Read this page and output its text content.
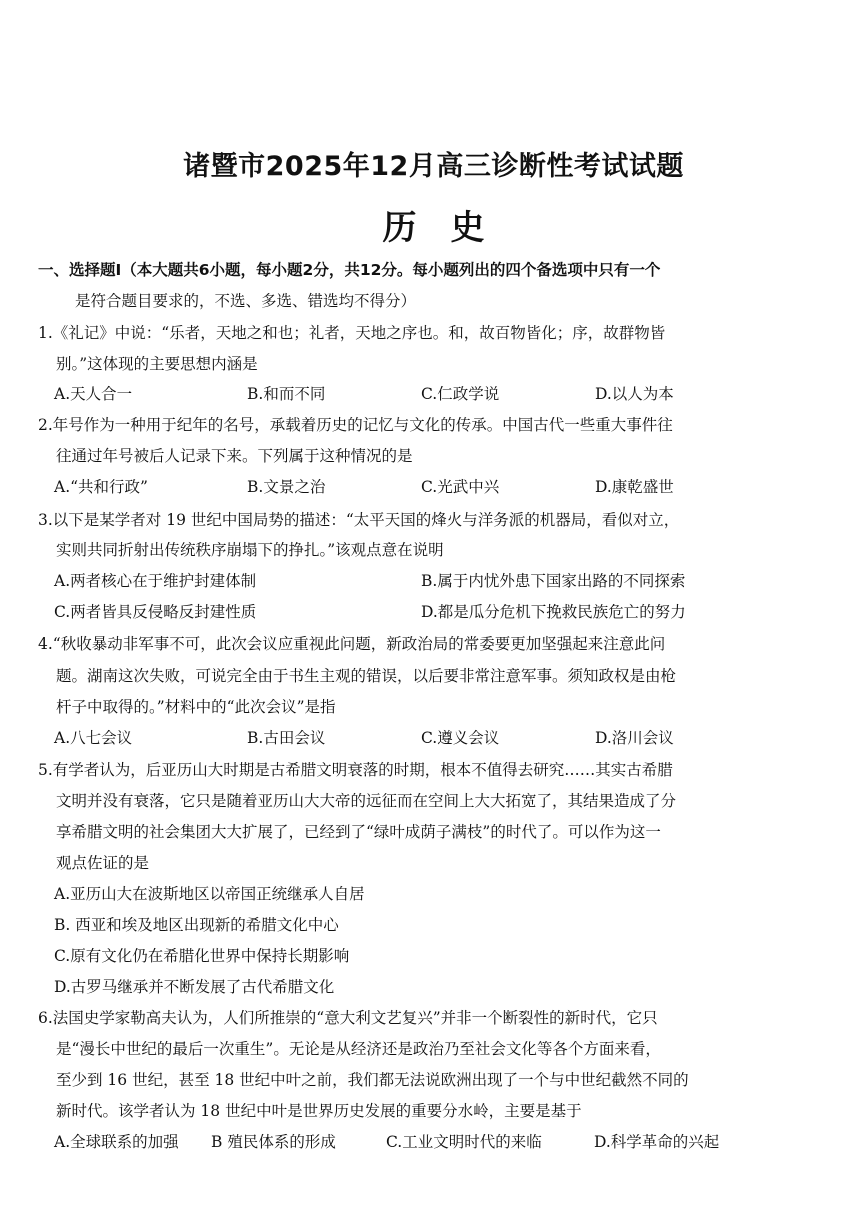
诸暨市2025年12月高三诊断性考试试题
历史
一、选择题Ⅰ（本大题共6小题，每小题2分，共12分。每小题列出的四个备选项中只有一个
是符合题目要求的，不选、多选、错选均不得分）
1.《礼记》中说：“乐者，天地之和也；礼者，天地之序也。和，故百物皆化；序，故群物皆
别。”这体现的主要思想内涵是
A.天人合一	B.和而不同	C.仁政学说	D.以人为本
2.年号作为一种用于纪年的名号，承载着历史的记忆与文化的传承。中国古代一些重大事件往
往通过年号被后人记录下来。下列属于这种情况的是
A.“共和行政”	B.文景之治	C.光武中兴	D.康乾盛世
3.以下是某学者对 19 世纪中国局势的描述：“太平天国的烽火与洋务派的机器局，看似对立，
实则共同折射出传统秩序崩塌下的挣扎。”该观点意在说明
A.两者核心在于维护封建体制	B.属于内忧外患下国家出路的不同探索
C.两者皆具反侵略反封建性质	D.都是瓜分危机下挽救民族危亡的努力
4.“秋收暴动非军事不可，此次会议应重视此问题，新政治局的常委要更加坚强起来注意此问
题。湖南这次失败，可说完全由于书生主观的错误，以后要非常注意军事。须知政权是由枪
杆子中取得的。”材料中的“此次会议”是指
A.八七会议	B.古田会议	C.遵义会议	D.洛川会议
5.有学者认为，后亚历山大时期是古希腊文明衰落的时期，根本不值得去研究……其实古希腊
文明并没有衰落，它只是随着亚历山大大帝的远征而在空间上大大拓宽了，其结果造成了分
享希腊文明的社会集团大大扩展了，已经到了“绿叶成荫子满枝”的时代了。可以作为这一
观点佐证的是
A.亚历山大在波斯地区以帝国正统继承人自居
B. 西亚和埃及地区出现新的希腊文化中心
C.原有文化仍在希腊化世界中保持长期影响
D.古罗马继承并不断发展了古代希腊文化
6.法国史学家勒高夫认为，人们所推崇的“意大利文艺复兴”并非一个断裂性的新时代，它只
是“漫长中世纪的最后一次重生”。无论是从经济还是政治乃至社会文化等各个方面来看，
至少到 16 世纪，甚至 18 世纪中叶之前，我们都无法说欧洲出现了一个与中世纪截然不同的
新时代。该学者认为 18 世纪中叶是世界历史发展的重要分水岭，主要是基于
A.全球联系的加强 B 殖民体系的形成	C.工业文明时代的来临	D.科学革命的兴起
